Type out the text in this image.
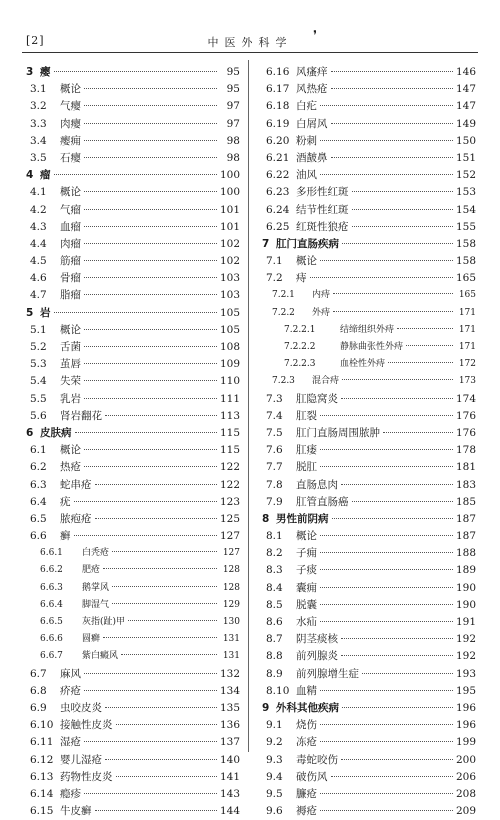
[2]	中医外科学
❜
3 瘿	95
3.1	概论	95
3.2	气瘿	97
3.3	肉瘿	97
3.4	瘿痈	98
3.5	石瘿	98
4 瘤	100
4.1	概论	100
4.2	气瘤	101
4.3	血瘤	101
4.4	肉瘤	102
4.5	筋瘤	102
4.6	骨瘤	103
4.7	脂瘤	103
5 岩	105
5.1	概论	105
5.2	舌菌	108
5.3	茧唇	109
5.4	失荣	110
5.5	乳岩	111
5.6	肾岩翻花	113
6 皮肤病	115
6.1	概论	115
6.2	热疮	122
6.3	蛇串疮	122
6.4	疣	123
6.5	脓疱疮	125
6.6	癣	127
6.6.1	白秃疮	127
6.6.2	肥疮	128
6.6.3	鹅掌风	128
6.6.4	脚湿气	129
6.6.5	灰指(趾)甲	130
6.6.6	圆癣	131
6.6.7	紫白癜风	131
6.7	麻风	132
6.8	疥疮	134
6.9	虫咬皮炎	135
6.10 接触性皮炎	136
6.11 湿疮	137
6.12 婴儿湿疮	140
6.13 药物性皮炎	141
6.14 瘾疹	143
6.15 牛皮癣	144
6.16 风瘙痒	146
6.17 风热疮	147
6.18 白疕	147
6.19 白屑风	149
6.20 粉刺	150
6.21 酒皶鼻	151
6.22 油风	152
6.23 多形性红斑	153
6.24 结节性红斑	154
6.25 红斑性狼疮	155
7 肛门直肠疾病	158
7.1	概论	158
7.2	痔	165
7.2.1	内痔	165
7.2.2	外痔	171
7.2.2.1	结缔组织外痔	171
7.2.2.2	静脉曲张性外痔	171
7.2.2.3	血栓性外痔	172
7.2.3	混合痔	173
7.3	肛隐窝炎	174
7.4	肛裂	176
7.5	肛门直肠周围脓肿	176
7.6	肛瘘	178
7.7	脱肛	181
7.8	直肠息肉	183
7.9	肛管直肠癌	185
8 男性前阴病	187
8.1	概论	187
8.2	子痈	188
8.3	子痰	189
8.4	囊痈	190
8.5	脱囊	190
8.6	水疝	191
8.7	阴茎痰核	192
8.8	前列腺炎	192
8.9	前列腺增生症	193
8.10 血精	195
9 外科其他疾病	196
9.1	烧伤	196
9.2	冻疮	199
9.3	毒蛇咬伤	200
9.4	破伤风	206
9.5	臁疮	208
9.6	褥疮	209
